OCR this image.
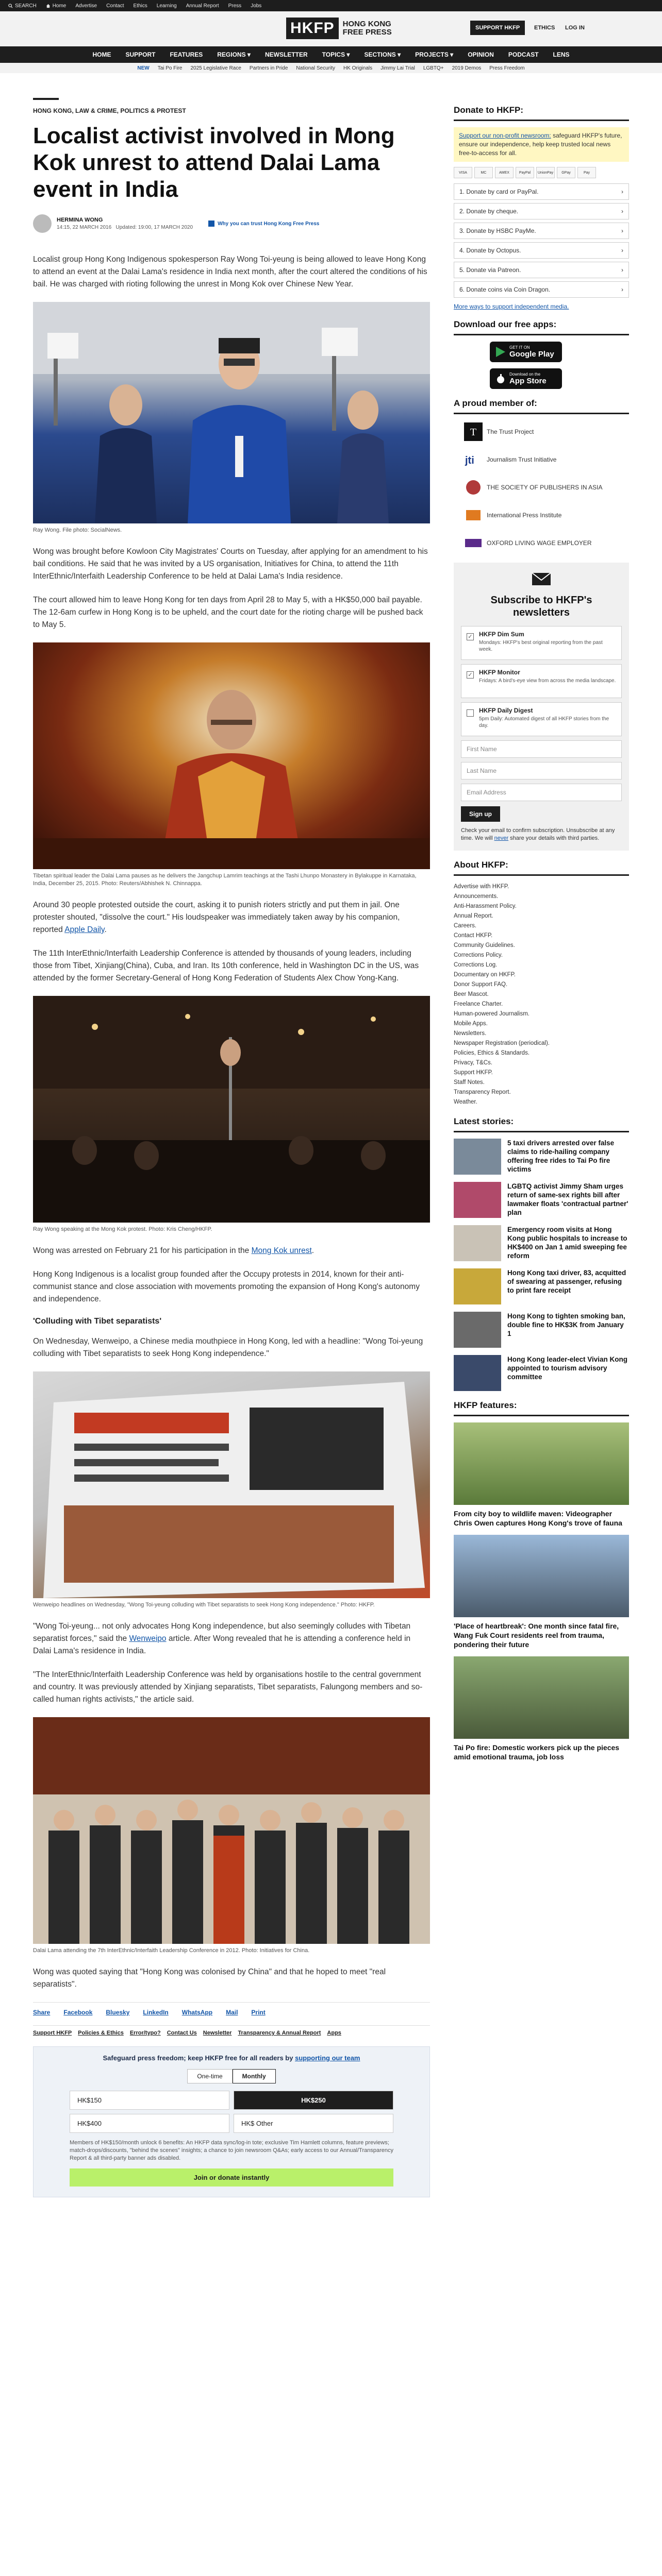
SEARCH	Home Advertise Contact Ethics Learning Annual Report Press Jobs
HKFP	HONG KONG
FREE PRESS	SUPPORT HKFP	ETHICS LOG IN
HOME SUPPORT FEATURES REGIONS ▾ NEWSLETTER TOPICS ▾ SECTIONS ▾ PROJECTS ▾ OPINION PODCAST LENS
NEW Tai Po Fire 2025 Legislative Race Partners in Pride National Security HK Originals Jimmy Lai Trial LGBTQ+ 2019 Demos Press Freedom
HONG KONG, LAW & CRIME, POLITICS & PROTEST
Localist activist involved in Mong Kok unrest to attend Dalai Lama event in India
HERMINA WONG
14:15, 22 MARCH 2016 Updated: 19:00, 17 MARCH 2020
Why you can trust Hong Kong Free Press

Localist group Hong Kong Indigenous spokesperson Ray Wong Toi-yeung is being allowed to leave Hong Kong to attend an event at the Dalai Lama's residence in India next month, after the court altered the conditions of his bail. He was charged with rioting following the unrest in Mong Kok over Chinese New Year.

Ray Wong. File photo: SocialNews.

Wong was brought before Kowloon City Magistrates' Courts on Tuesday, after applying for an amendment to his bail conditions. He said that he was invited by a US organisation, Initiatives for China, to attend the 11th InterEthnic/Interfaith Leadership Conference to be held at Dalai Lama's India residence.

The court allowed him to leave Hong Kong for ten days from April 28 to May 5, with a HK$50,000 bail payable. The 12-6am curfew in Hong Kong is to be upheld, and the court date for the rioting charge will be pushed back to May 5.

Tibetan spiritual leader the Dalai Lama pauses as he delivers the Jangchup Lamrim teachings at the Tashi Lhunpo Monastery in Bylakuppe in Karnataka, India, December 25, 2015. Photo: Reuters/Abhishek N. Chinnappa.

Around 30 people protested outside the court, asking it to punish rioters strictly and put them in jail. One protester shouted, "dissolve the court." His loudspeaker was immediately taken away by his companion, reported Apple Daily.

The 11th InterEthnic/Interfaith Leadership Conference is attended by thousands of young leaders, including those from Tibet, Xinjiang(China), Cuba, and Iran. Its 10th conference, held in Washington DC in the US, was attended by the former Secretary-General of Hong Kong Federation of Students Alex Chow Yong-Kang.

Ray Wong speaking at the Mong Kok protest. Photo: Kris Cheng/HKFP.

Wong was arrested on February 21 for his participation in the Mong Kok unrest.

Hong Kong Indigenous is a localist group founded after the Occupy protests in 2014, known for their anti-communist stance and close association with movements promoting the expansion of Hong Kong's autonomy and independence.

'Colluding with Tibet separatists'

On Wednesday, Wenweipo, a Chinese media mouthpiece in Hong Kong, led with a headline: "Wong Toi-yeung colluding with Tibet separatists to seek Hong Kong independence."

Wenweipo headlines on Wednesday, "Wong Toi-yeung colluding with Tibet separatists to seek Hong Kong independence." Photo: HKFP.

"Wong Toi-yeung... not only advocates Hong Kong independence, but also seemingly colludes with Tibetan separatist forces," said the Wenweipo article. After Wong revealed that he is attending a conference held in Dalai Lama's residence in India.

"The InterEthnic/Interfaith Leadership Conference was held by organisations hostile to the central government and country. It was previously attended by Xinjiang separatists, Tibet separatists, Falungong members and so-called human rights activists," the article said.

Dalai Lama attending the 7th InterEthnic/Interfaith Leadership Conference in 2012. Photo: Initiatives for China.

Wong was quoted saying that "Hong Kong was colonised by China" and that he hoped to meet "real separatists".

Share Facebook Bluesky LinkedIn WhatsApp Mail Print
Support HKFP Policies & Ethics Error/typo? Contact Us Newsletter Transparency & Annual Report Apps
Safeguard press freedom; keep HKFP free for all readers by supporting our team
One-time	Monthly
HK$150	HK$250
HK$400	HK$ Other
Members of HK$150/month unlock 6 benefits: An HKFP data sync/log-in tote; exclusive Tim Hamlett columns, feature previews; match-drops/discounts, "behind the scenes" insights; a chance to join newsroom Q&As; early access to our Annual/Transparency Report & all third-party banner ads disabled.
Join or donate instantly
Donate to HKFP:
Support our non-profit newsroom: safeguard HKFP's future, ensure our independence, help keep trusted local news free-to-access for all.
VISA	MC	AMEX	PayPal	UnionPay	GPay	Pay
1. Donate by card or PayPal.	›
2. Donate by cheque.	›
3. Donate by HSBC PayMe.	›
4. Donate by Octopus.	›
5. Donate via Patreon.	›
6. Donate coins via Coin Dragon.	›
More ways to support independent media.
Download our free apps:
GET IT ON
Google Play
Download on the
App Store
A proud member of:
T The Trust Project
jti Journalism Trust Initiative
THE SOCIETY OF PUBLISHERS IN ASIA
International Press Institute
OXFORD LIVING WAGE EMPLOYER
Subscribe to HKFP's newsletters
✓ HKFP Dim Sum
Mondays: HKFP's best original reporting from the past week.
✓ HKFP Monitor
Fridays: A bird's-eye view from across the media landscape.
HKFP Daily Digest
5pm Daily: Automated digest of all HKFP stories from the day.
First Name
Last Name
Email Address
Sign up
Check your email to confirm subscription. Unsubscribe at any time. We will never share your details with third parties.
About HKFP:
Advertise with HKFP.
Announcements.
Anti-Harassment Policy.
Annual Report.
Careers.
Contact HKFP.
Community Guidelines.
Corrections Policy.
Corrections Log.
Documentary on HKFP.
Donor Support FAQ.
Beer Mascot.
Freelance Charter.
Human-powered Journalism.
Mobile Apps.
Newsletters.
Newspaper Registration (periodical).
Policies, Ethics & Standards.
Privacy, T&Cs.
Support HKFP.
Staff Notes.
Transparency Report.
Weather.
Latest stories:
5 taxi drivers arrested over false claims to ride-hailing company offering free rides to Tai Po fire victims
LGBTQ activist Jimmy Sham urges return of same-sex rights bill after lawmaker floats 'contractual partner' plan
Emergency room visits at Hong Kong public hospitals to increase to HK$400 on Jan 1 amid sweeping fee reform
Hong Kong taxi driver, 83, acquitted of swearing at passenger, refusing to print fare receipt
Hong Kong to tighten smoking ban, double fine to HK$3K from January 1
Hong Kong leader-elect Vivian Kong appointed to tourism advisory committee
HKFP features:
From city boy to wildlife maven: Videographer Chris Owen captures Hong Kong's trove of fauna
'Place of heartbreak': One month since fatal fire, Wang Fuk Court residents reel from trauma, pondering their future
Tai Po fire: Domestic workers pick up the pieces amid emotional trauma, job loss
